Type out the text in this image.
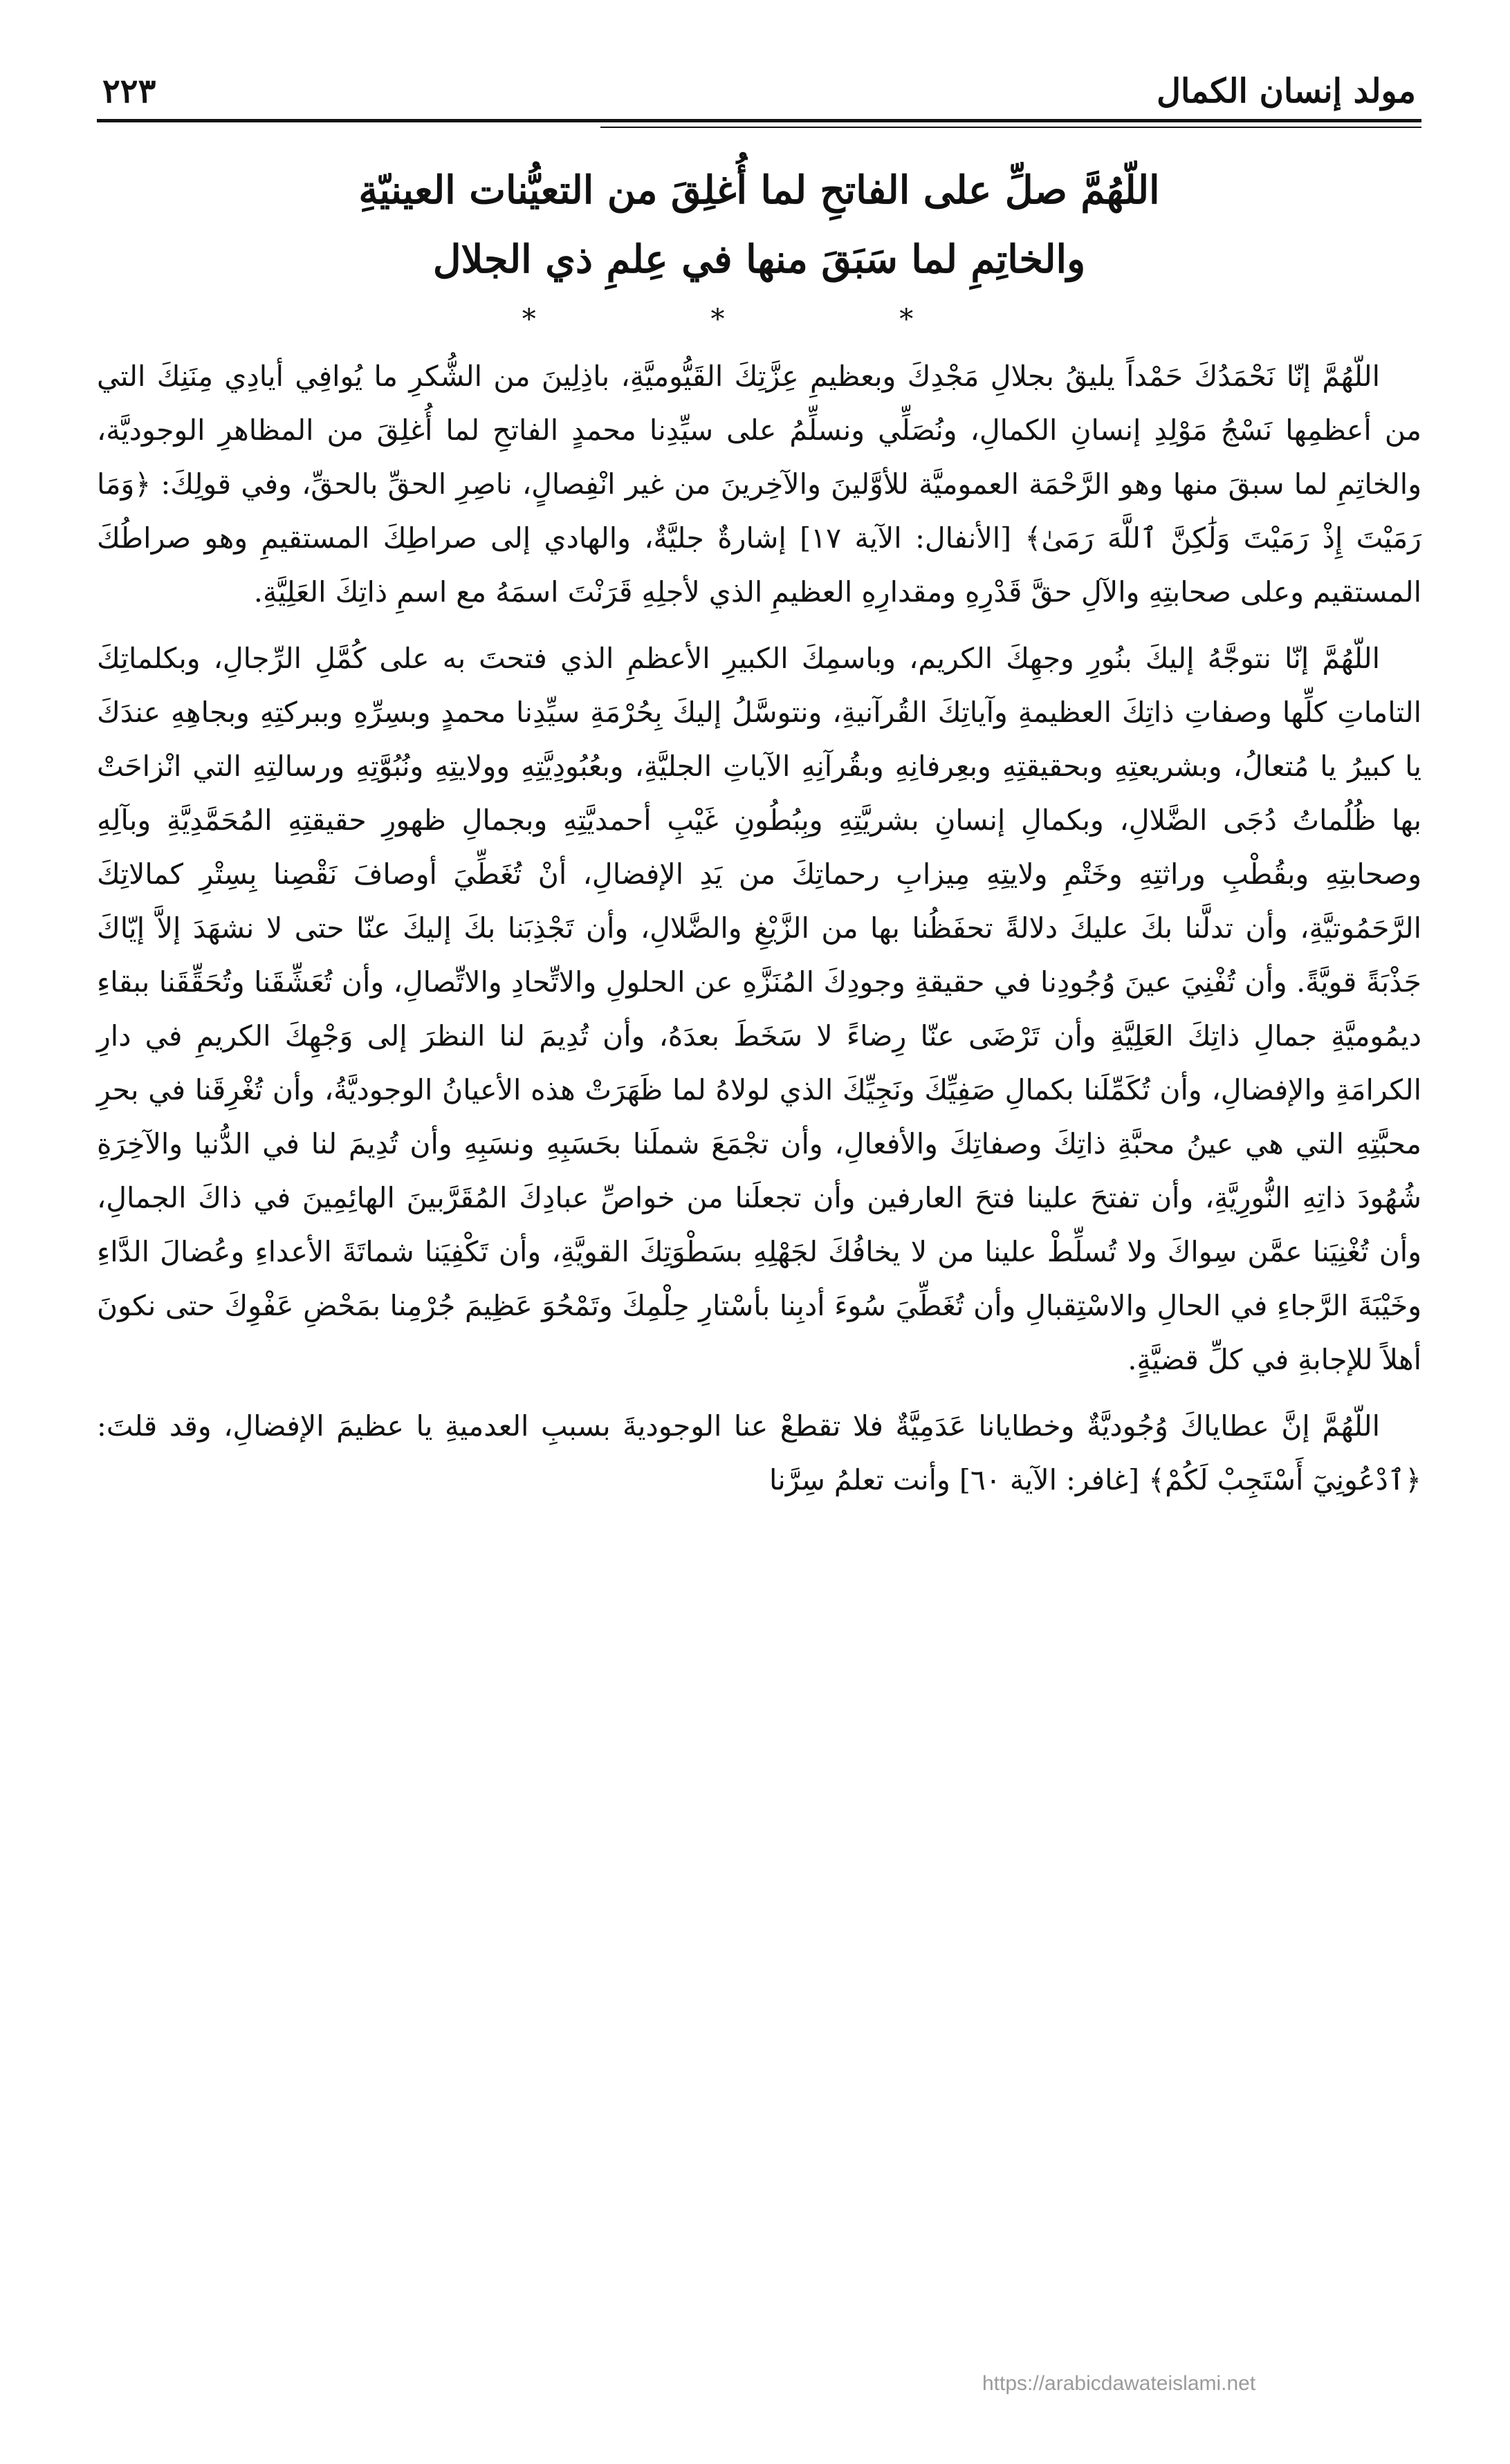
مولد إنسان الكمال
٢٢٣
اللّهُمَّ صلِّ على الفاتحِ لما أُغلِقَ من التعيُّنات العينيّةِ
والخاتِمِ لما سَبَقَ منها في عِلمِ ذي الجلال
* * *

اللّهُمَّ إنّا نَحْمَدُكَ حَمْداً يليقُ بجلالِ مَجْدِكَ وبعظيمِ عِزَّتِكَ القَيُّوميَّةِ، باذِلِينَ من الشُّكرِ ما يُوافِي أيادِي مِنَنِكَ التي من أعظمِها نَسْجُ مَوْلِدِ إنسانِ الكمالِ، ونُصَلِّي ونسلِّمُ على سيِّدِنا محمدٍ الفاتحِ لما أُغلِقَ من المظاهرِ الوجوديَّة، والخاتِمِ لما سبقَ منها وهو الرَّحْمَة العموميَّة للأوَّلينَ والآخِرينَ من غير انْفِصالٍ، ناصِرِ الحقِّ بالحقِّ، وفي قولِكَ: ﴿وَمَا رَمَيْتَ إِذْ رَمَيْتَ وَلَٰكِنَّ ٱللَّهَ رَمَىٰ﴾ [الأنفال: الآية ١٧] إشارةٌ جليَّةٌ، والهادي إلى صراطِكَ المستقيمِ وهو صراطُكَ المستقيم وعلى صحابتِهِ والآلِ حقَّ قَدْرِهِ ومقدارِهِ العظيمِ الذي لأجلِهِ قَرَنْتَ اسمَهُ مع اسمِ ذاتِكَ العَلِيَّةِ.

اللّهُمَّ إنّا نتوجَّهُ إليكَ بنُورِ وجهِكَ الكريم، وباسمِكَ الكبيرِ الأعظمِ الذي فتحتَ به على كُمَّلِ الرِّجالِ، وبكلماتِكَ التاماتِ كلِّها وصفاتِ ذاتِكَ العظيمةِ وآياتِكَ القُرآنيةِ، ونتوسَّلُ إليكَ بِحُرْمَةِ سيِّدِنا محمدٍ وبسِرِّهِ وببركتِهِ وبجاهِهِ عندَكَ يا كبيرُ يا مُتعالُ، وبشريعتِهِ وبحقيقتِهِ وبعِرفانِهِ وبقُرآنِهِ الآياتِ الجليَّةِ، وبعُبُودِيَّتِهِ وولايتِهِ ونُبُوَّتِهِ ورسالتِهِ التي انْزاحَتْ بها ظُلُماتُ دُجَى الضَّلالِ، وبكمالِ إنسانِ بشريَّتِهِ وبِبُطُونِ غَيْبِ أحمديَّتِهِ وبجمالِ ظهورِ حقيقتِهِ المُحَمَّدِيَّةِ وبآلِهِ وصحابتِهِ وبقُطْبِ وراثتِهِ وخَتْمِ ولايتِهِ مِيزابِ رحماتِكَ من يَدِ الإفضالِ، أنْ تُغَطِّيَ أوصافَ نَقْصِنا بِسِتْرِ كمالاتِكَ الرَّحَمُوتيَّةِ، وأن تدلَّنا بكَ عليكَ دلالةً تحفَظُنا بها من الزَّيْغِ والضَّلالِ، وأن تَجْذِبَنا بكَ إليكَ عنّا حتى لا نشهَدَ إلاَّ إيّاكَ جَذْبَةً قويَّةً. وأن تُفْنِيَ عينَ وُجُودِنا في حقيقةِ وجودِكَ المُنَزَّهِ عن الحلولِ والاتِّحادِ والاتِّصالِ، وأن تُعَشِّقَنا وتُحَقِّقَنا ببقاءِ ديمُوميَّةِ جمالِ ذاتِكَ العَلِيَّةِ وأن تَرْضَى عنّا رِضاءً لا سَخَطَ بعدَهُ، وأن تُدِيمَ لنا النظرَ إلى وَجْهِكَ الكريمِ في دارِ الكرامَةِ والإفضالِ، وأن تُكَمِّلَنا بكمالِ صَفِيِّكَ ونَجِيِّكَ الذي لولاهُ لما ظَهَرَتْ هذه الأعيانُ الوجوديَّةُ، وأن تُغْرِقَنا في بحرِ محبَّتِهِ التي هي عينُ محبَّةِ ذاتِكَ وصفاتِكَ والأفعالِ، وأن تجْمَعَ شملَنا بحَسَبِهِ ونسَبِهِ وأن تُدِيمَ لنا في الدُّنيا والآخِرَةِ شُهُودَ ذاتِهِ النُّورِيَّةِ، وأن تفتحَ علينا فتحَ العارفين وأن تجعلَنا من خواصِّ عبادِكَ المُقَرَّبينَ الهائِمِينَ في ذاكَ الجمالِ، وأن تُغْنِيَنا عمَّن سِواكَ ولا تُسلِّطْ علينا من لا يخافُكَ لجَهْلِهِ بسَطْوَتِكَ القويَّةِ، وأن تَكْفِيَنا شماتَةَ الأعداءِ وعُضالَ الدَّاءِ وخَيْبَةَ الرَّجاءِ في الحالِ والاسْتِقبالِ وأن تُغَطِّيَ سُوءَ أدبِنا بأسْتارِ حِلْمِكَ وتَمْحُوَ عَظِيمَ جُرْمِنا بمَحْضِ عَفْوِكَ حتى نكونَ أهلاً للإجابةِ في كلِّ قضيَّةٍ.

اللّهُمَّ إنَّ عطاياكَ وُجُوديَّةٌ وخطايانا عَدَمِيَّةٌ فلا تقطعْ عنا الوجوديةَ بسببِ العدميةِ يا عظيمَ الإفضالِ، وقد قلتَ: ﴿ٱدْعُونِيٓ أَسْتَجِبْ لَكُمْ﴾ [غافر: الآية ٦٠] وأنت تعلمُ سِرَّنا

https://arabicdawateislami.net
